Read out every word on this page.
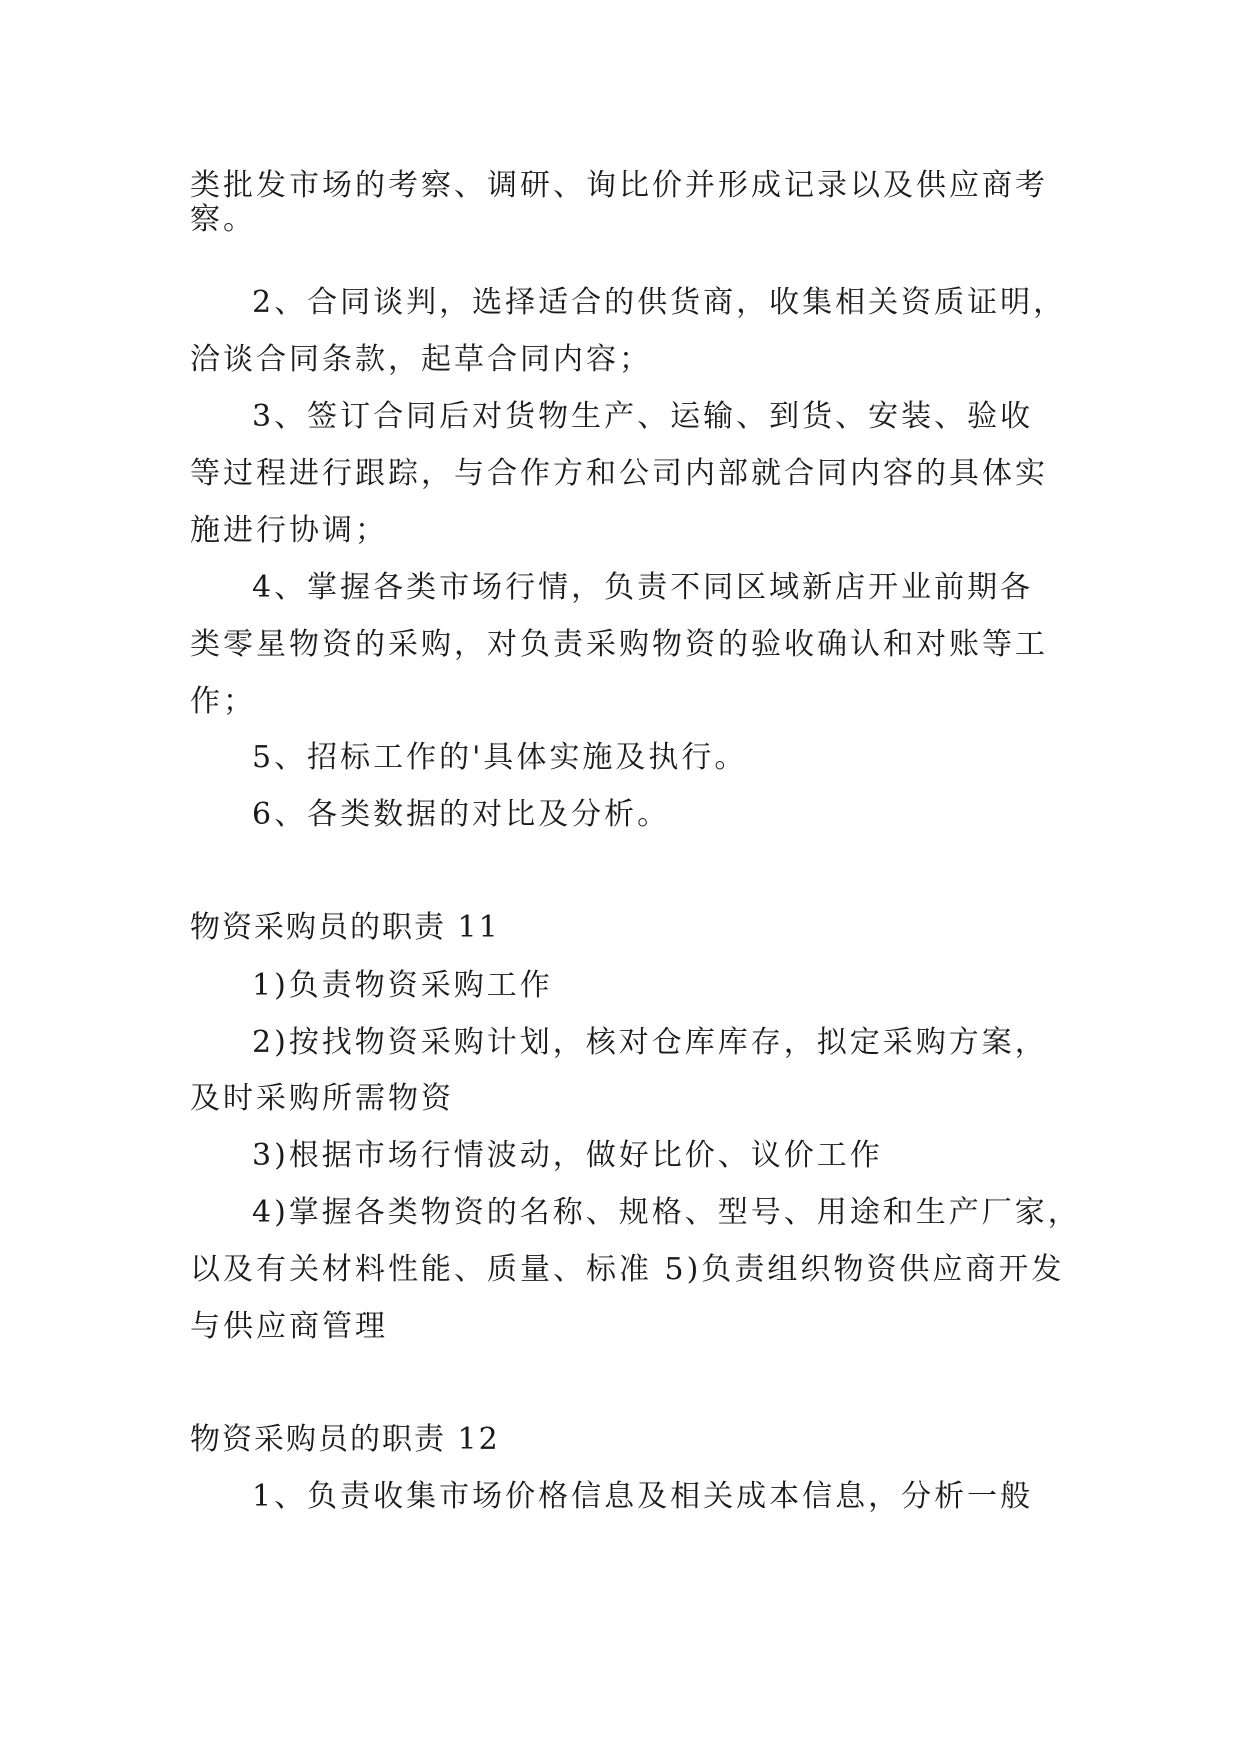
类批发市场的考察、调研、询比价并形成记录以及供应商考
察。
2、合同谈判，选择适合的供货商，收集相关资质证明，
洽谈合同条款，起草合同内容；
3、签订合同后对货物生产、运输、到货、安装、验收
等过程进行跟踪，与合作方和公司内部就合同内容的具体实
施进行协调；
4、掌握各类市场行情，负责不同区域新店开业前期各
类零星物资的采购，对负责采购物资的验收确认和对账等工
作；
5、招标工作的'具体实施及执行。
6、各类数据的对比及分析。
物资采购员的职责 11
1)负责物资采购工作
2)按找物资采购计划，核对仓库库存，拟定采购方案，
及时采购所需物资
3)根据市场行情波动，做好比价、议价工作
4)掌握各类物资的名称、规格、型号、用途和生产厂家，
以及有关材料性能、质量、标准 5)负责组织物资供应商开发
与供应商管理
物资采购员的职责 12
1、负责收集市场价格信息及相关成本信息，分析一般
